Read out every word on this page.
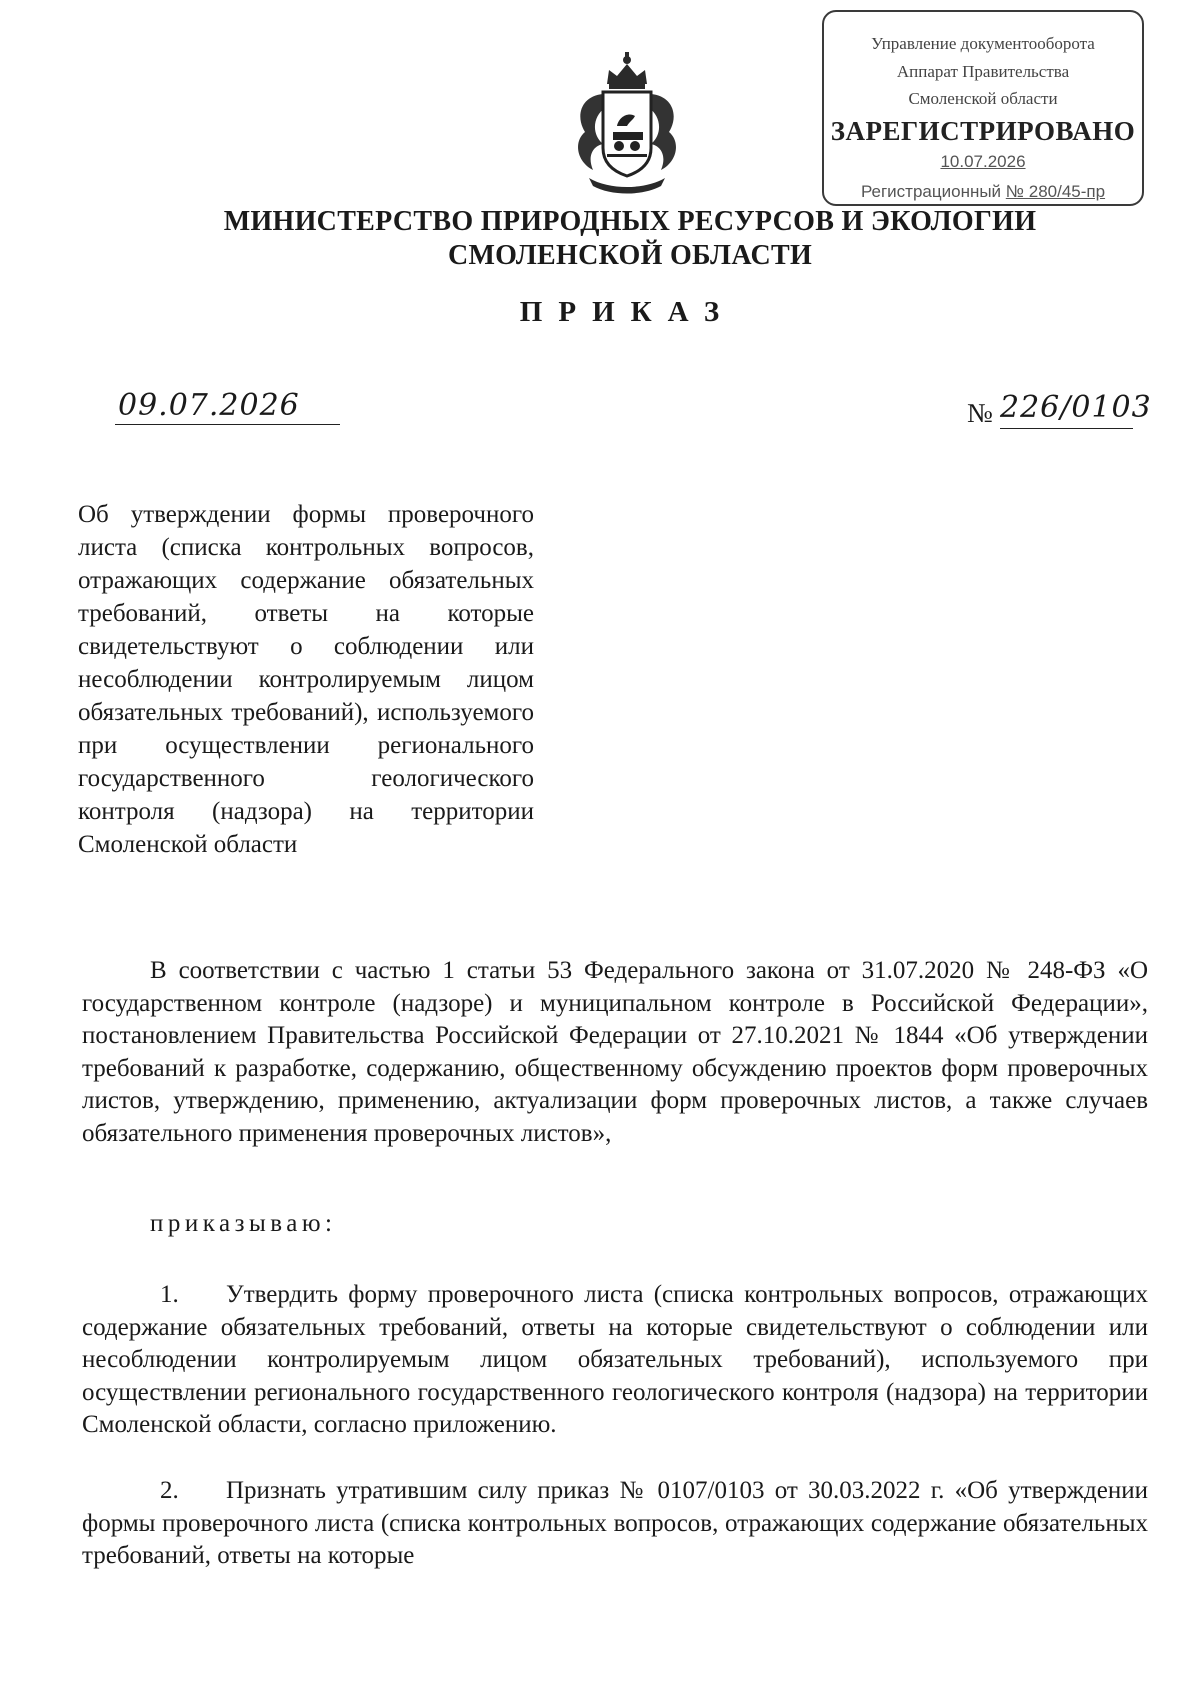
Управление документооборота
Аппарат Правительства
Смоленской области
ЗАРЕГИСТРИРОВАНО
10.07.2026
Регистрационный № 280/45-пр
МИНИСТЕРСТВО ПРИРОДНЫХ РЕСУРСОВ И ЭКОЛОГИИ
СМОЛЕНСКОЙ ОБЛАСТИ
ПРИКАЗ
09.07.2026	№ 226/0103
Об утверждении формы проверочного листа (списка контрольных вопросов, отражающих содержание обязательных требований, ответы на которые свидетельствуют о соблюдении или несоблюдении контролируемым лицом обязательных требований), используемого при осуществлении регионального государственного геологического контроля (надзора) на территории Смоленской области
В соответствии с частью 1 статьи 53 Федерального закона от 31.07.2020 № 248-ФЗ «О государственном контроле (надзоре) и муниципальном контроле в Российской Федерации», постановлением Правительства Российской Федерации от 27.10.2021 № 1844 «Об утверждении требований к разработке, содержанию, общественному обсуждению проектов форм проверочных листов, утверждению, применению, актуализации форм проверочных листов, а также случаев обязательного применения проверочных листов»,
приказываю:
1. Утвердить форму проверочного листа (списка контрольных вопросов, отражающих содержание обязательных требований, ответы на которые свидетельствуют о соблюдении или несоблюдении контролируемым лицом обязательных требований), используемого при осуществлении регионального государственного геологического контроля (надзора) на территории Смоленской области, согласно приложению.
2. Признать утратившим силу приказ № 0107/0103 от 30.03.2022 г. «Об утверждении формы проверочного листа (списка контрольных вопросов, отражающих содержание обязательных требований, ответы на которые
